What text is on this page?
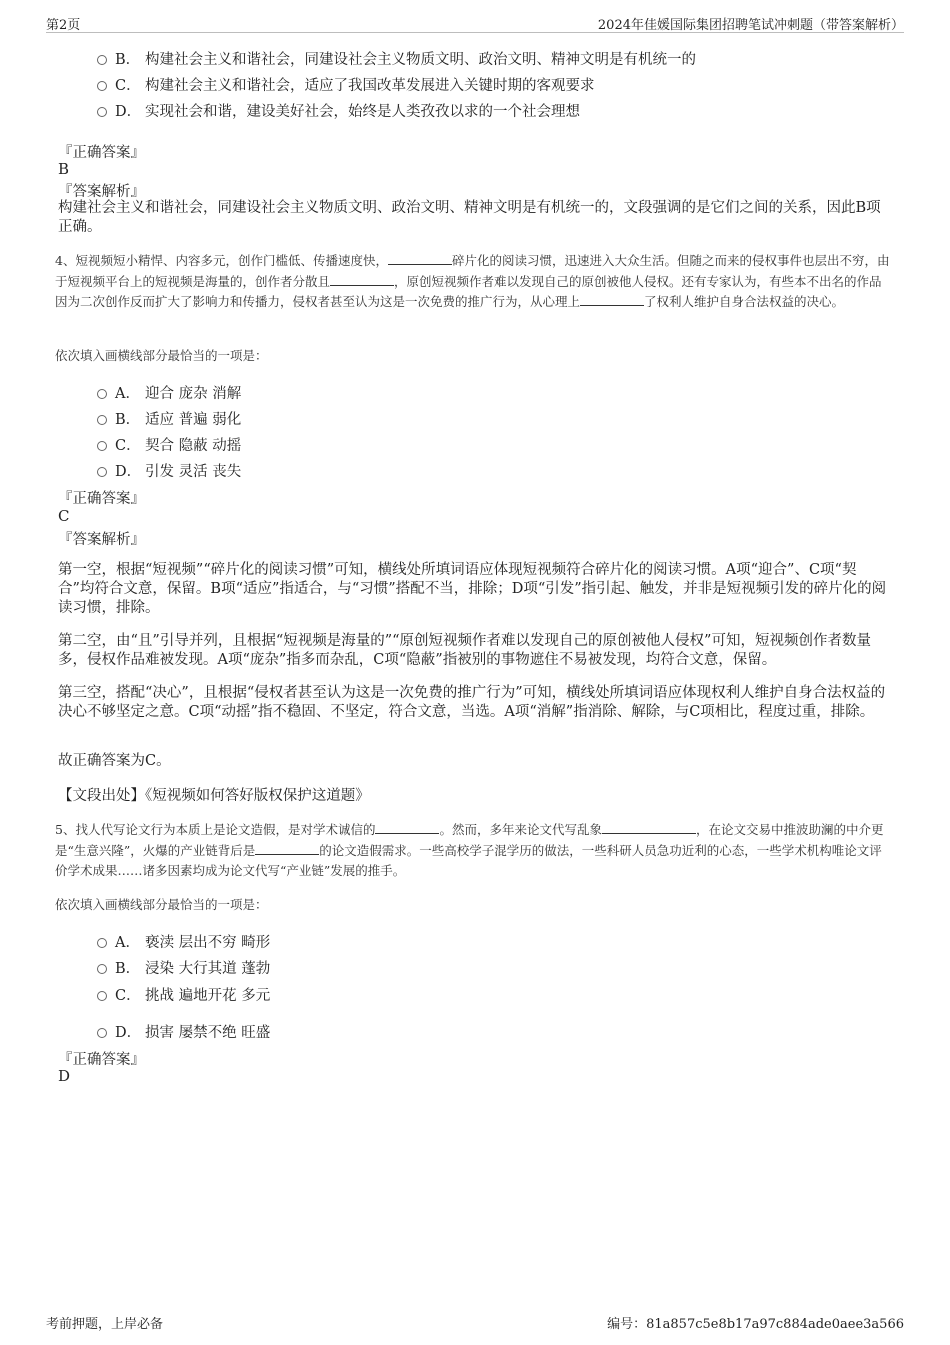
第2页	2024年佳媛国际集团招聘笔试冲刺题（带答案解析）
B． 构建社会主义和谐社会，同建设社会主义物质文明、政治文明、精神文明是有机统一的
C． 构建社会主义和谐社会，适应了我国改革发展进入关键时期的客观要求
D． 实现社会和谐，建设美好社会，始终是人类孜孜以求的一个社会理想
『正确答案』
B
『答案解析』
构建社会主义和谐社会，同建设社会主义物质文明、政治文明、精神文明是有机统一的，文段强调的是它们之间的关系，因此B项正确。
4、短视频短小精悍、内容多元，创作门槛低、传播速度快，	碎片化的阅读习惯，迅速进入大众生活。但随之而来的侵权事件也层出不穷，由于短视频平台上的短视频是海量的，创作者分散且	，原创短视频作者难以发现自己的原创被他人侵权。还有专家认为，有些本不出名的作品因为二次创作反而扩大了影响力和传播力，侵权者甚至认为这是一次免费的推广行为，从心理上	了权利人维护自身合法权益的决心。
依次填入画横线部分最恰当的一项是：
A． 迎合 庞杂 消解
B． 适应 普遍 弱化
C． 契合 隐蔽 动摇
D． 引发 灵活 丧失
『正确答案』
C
『答案解析』
第一空，根据“短视频”“碎片化的阅读习惯”可知，横线处所填词语应体现短视频符合碎片化的阅读习惯。A项“迎合”、C项“契合”均符合文意，保留。B项“适应”指适合，与“习惯”搭配不当，排除；D项“引发”指引起、触发，并非是短视频引发的碎片化的阅读习惯，排除。
第二空，由“且”引导并列，且根据“短视频是海量的”“原创短视频作者难以发现自己的原创被他人侵权”可知，短视频创作者数量多，侵权作品难被发现。A项“庞杂”指多而杂乱，C项“隐蔽”指被别的事物遮住不易被发现，均符合文意，保留。
第三空，搭配“决心”，且根据“侵权者甚至认为这是一次免费的推广行为”可知，横线处所填词语应体现权利人维护自身合法权益的决心不够坚定之意。C项“动摇”指不稳固、不坚定，符合文意，当选。A项“消解”指消除、解除，与C项相比，程度过重，排除。
故正确答案为C。
【文段出处】《短视频如何答好版权保护这道题》
5、找人代写论文行为本质上是论文造假，是对学术诚信的	。然而，多年来论文代写乱象	，在论文交易中推波助澜的中介更是“生意兴隆”，火爆的产业链背后是	的论文造假需求。一些高校学子混学历的做法，一些科研人员急功近利的心态，一些学术机构唯论文评价学术成果……诸多因素均成为论文代写“产业链”发展的推手。
依次填入画横线部分最恰当的一项是：
A． 亵渎 层出不穷 畸形
B． 浸染 大行其道 蓬勃
C． 挑战 遍地开花 多元
D． 损害 屡禁不绝 旺盛
『正确答案』
D
考前押题，上岸必备	编号：81a857c5e8b17a97c884ade0aee3a566
